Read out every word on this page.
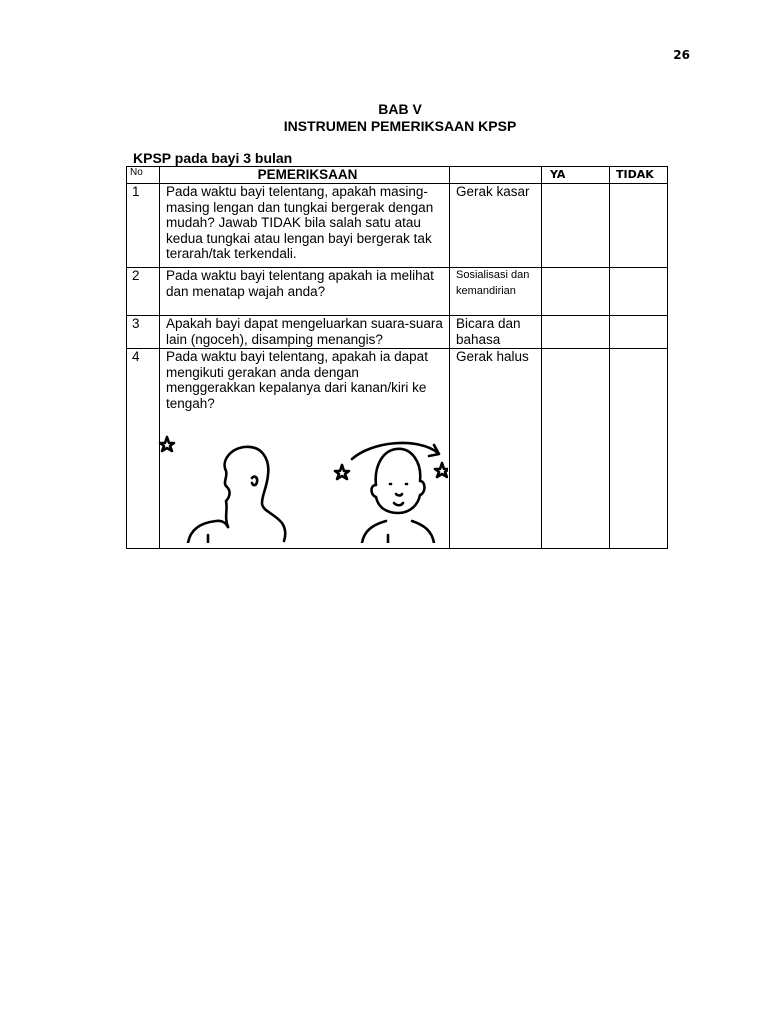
26
BAB V
INSTRUMEN PEMERIKSAAN KPSP
KPSP pada bayi 3 bulan
No	PEMERIKSAAN		YA	TIDAK
1	Pada waktu bayi telentang, apakah masing-masing lengan dan tungkai bergerak dengan mudah? Jawab TIDAK bila salah satu atau kedua tungkai atau lengan bayi bergerak tak terarah/tak terkendali.	Gerak kasar		
2	Pada waktu bayi telentang apakah ia melihat dan menatap wajah anda?	Sosialisasi dan kemandirian		
3	Apakah bayi dapat mengeluarkan suara-suara lain (ngoceh), disamping menangis?	Bicara dan bahasa		
4	Pada waktu bayi telentang, apakah ia dapat mengikuti gerakan anda dengan menggerakkan kepalanya dari kanan/kiri ke tengah?	Gerak halus		
